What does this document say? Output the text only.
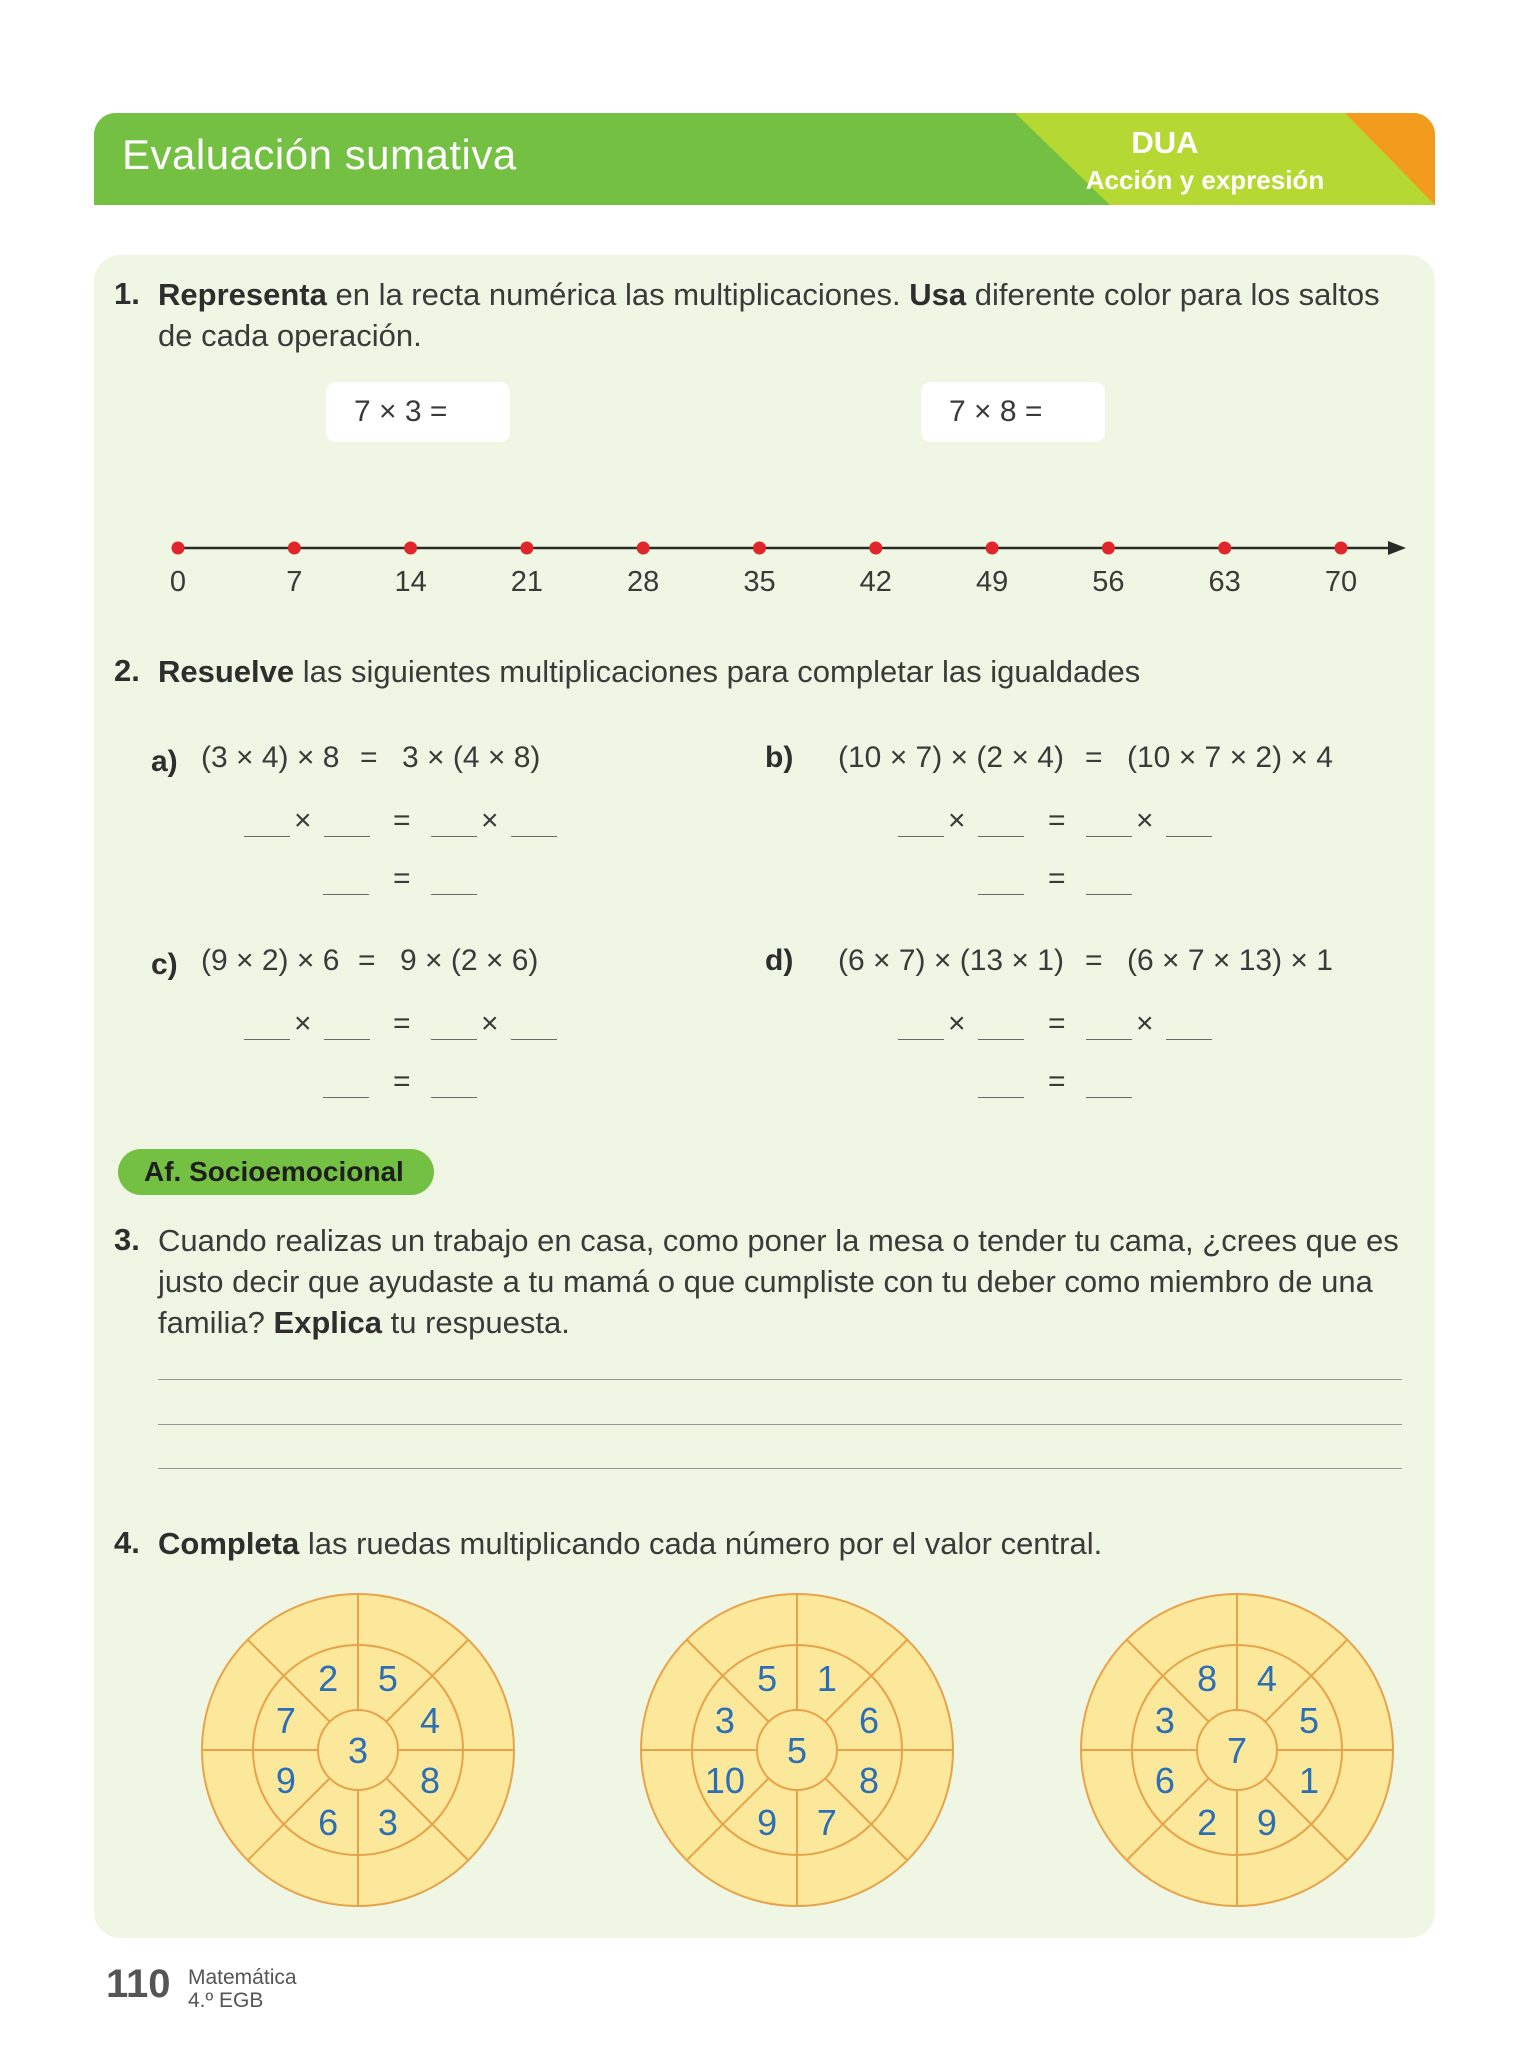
Evaluación sumativa	DUA
Acción y expresión
1. Representa en la recta numérica las multiplicaciones. Usa diferente color para los saltos de cada operación.
7 × 3 =	7 × 8 =
0	7	14	21	28	35	42	49	56	63	70
2. Resuelve las siguientes multiplicaciones para completar las igualdades
a) (3 × 4) × 8 = 3 × (4 × 8)	b) (10 × 7) × (2 × 4) = (10 × 7 × 2) × 4
c) (9 × 2) × 6 = 9 × (2 × 6)	d) (6 × 7) × (13 × 1) = (6 × 7 × 13) × 1
×	= ×
=
×	= ×
=
×	= ×
=
×	= ×
=
Af. Socioemocional
3. Cuando realizas un trabajo en casa, como poner la mesa o tender tu cama, ¿crees que es justo decir que ayudaste a tu mamá o que cumpliste con tu deber como miembro de una familia? Explica tu respuesta.
4. Completa las ruedas multiplicando cada número por el valor central.
3
2 5
4
8
3
6
9
7
5
5 1
6
8
7
9
10
3
7
8 4
5
1
9
2
6
3
110 Matemática
4.º EGB
